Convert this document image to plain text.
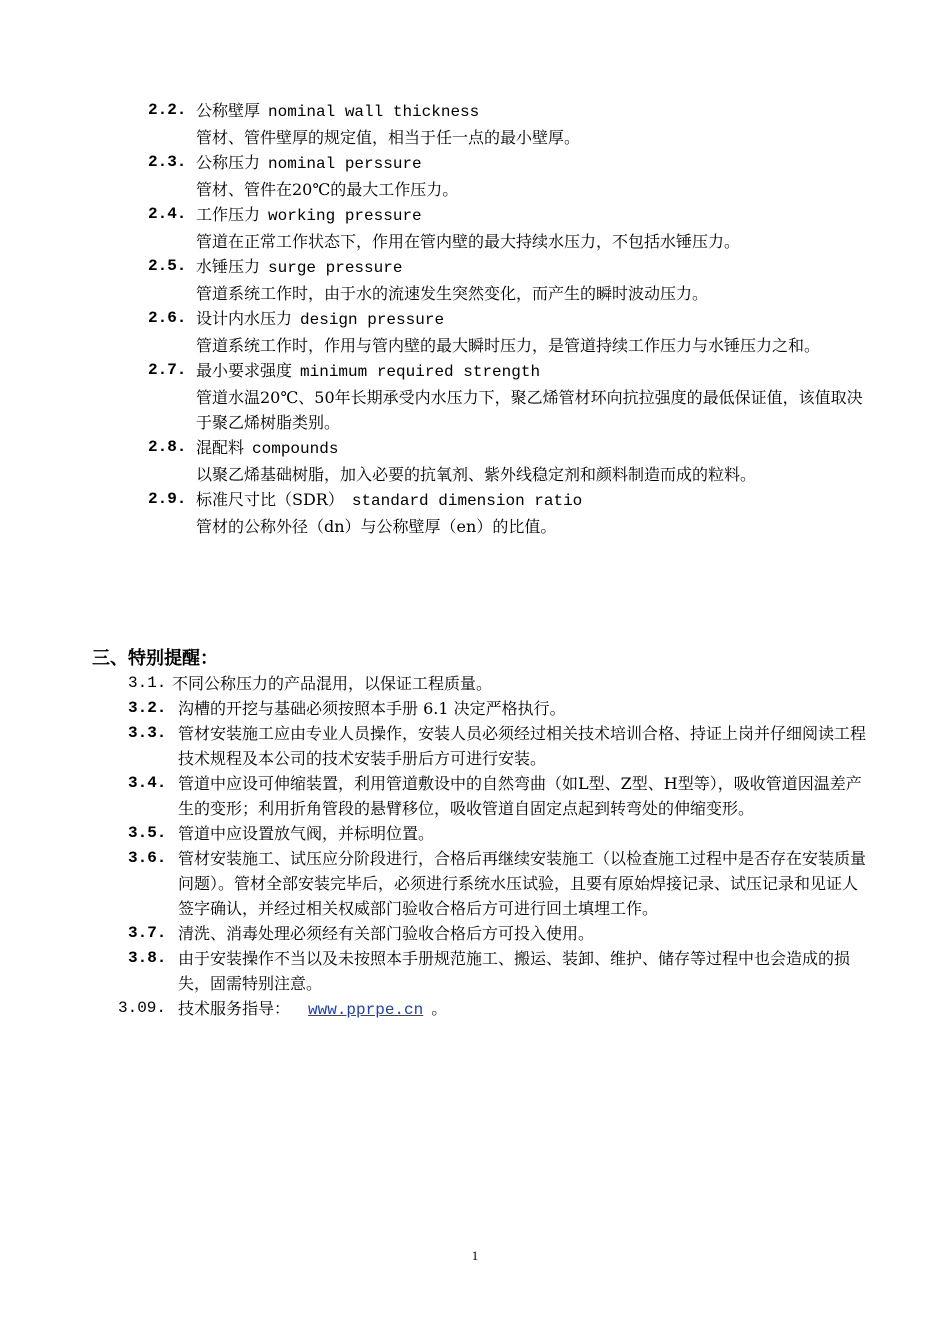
2.2. 公称壁厚 nominal wall thickness
管材、管件壁厚的规定值，相当于任一点的最小壁厚。
2.3. 公称压力 nominal perssure
管材、管件在20℃的最大工作压力。
2.4. 工作压力 working pressure
管道在正常工作状态下，作用在管内壁的最大持续水压力，不包括水锤压力。
2.5. 水锤压力 surge pressure
管道系统工作时，由于水的流速发生突然变化，而产生的瞬时波动压力。
2.6. 设计内水压力 design pressure
管道系统工作时，作用与管内壁的最大瞬时压力，是管道持续工作压力与水锤压力之和。
2.7. 最小要求强度 minimum required strength
管道水温20℃、50年长期承受内水压力下，聚乙烯管材环向抗拉强度的最低保证值，该值取决于聚乙烯树脂类别。
2.8. 混配料 compounds
以聚乙烯基础树脂，加入必要的抗氧剂、紫外线稳定剂和颜料制造而成的粒料。
2.9. 标准尺寸比（SDR） standard dimension ratio
管材的公称外径（dn）与公称壁厚（en）的比值。
三、特别提醒：
3.1. 不同公称压力的产品混用，以保证工程质量。
3.2. 沟槽的开挖与基础必须按照本手册 6.1 决定严格执行。
3.3. 管材安装施工应由专业人员操作，安装人员必须经过相关技术培训合格、持证上岗并仔细阅读工程技术规程及本公司的技术安装手册后方可进行安装。
3.4. 管道中应设可伸缩装置，利用管道敷设中的自然弯曲（如L型、Z型、H型等），吸收管道因温差产生的变形；利用折角管段的悬臂移位，吸收管道自固定点起到转弯处的伸缩变形。
3.5. 管道中应设置放气阀，并标明位置。
3.6. 管材安装施工、试压应分阶段进行，合格后再继续安装施工（以检查施工过程中是否存在安装质量问题）。管材全部安装完毕后，必须进行系统水压试验，且要有原始焊接记录、试压记录和见证人签字确认，并经过相关权威部门验收合格后方可进行回土填埋工作。
3.7. 清洗、消毒处理必须经有关部门验收合格后方可投入使用。
3.8. 由于安装操作不当以及未按照本手册规范施工、搬运、装卸、维护、储存等过程中也会造成的损失，固需特别注意。
3.09. 技术服务指导： www.pprpe.cn 。
1
